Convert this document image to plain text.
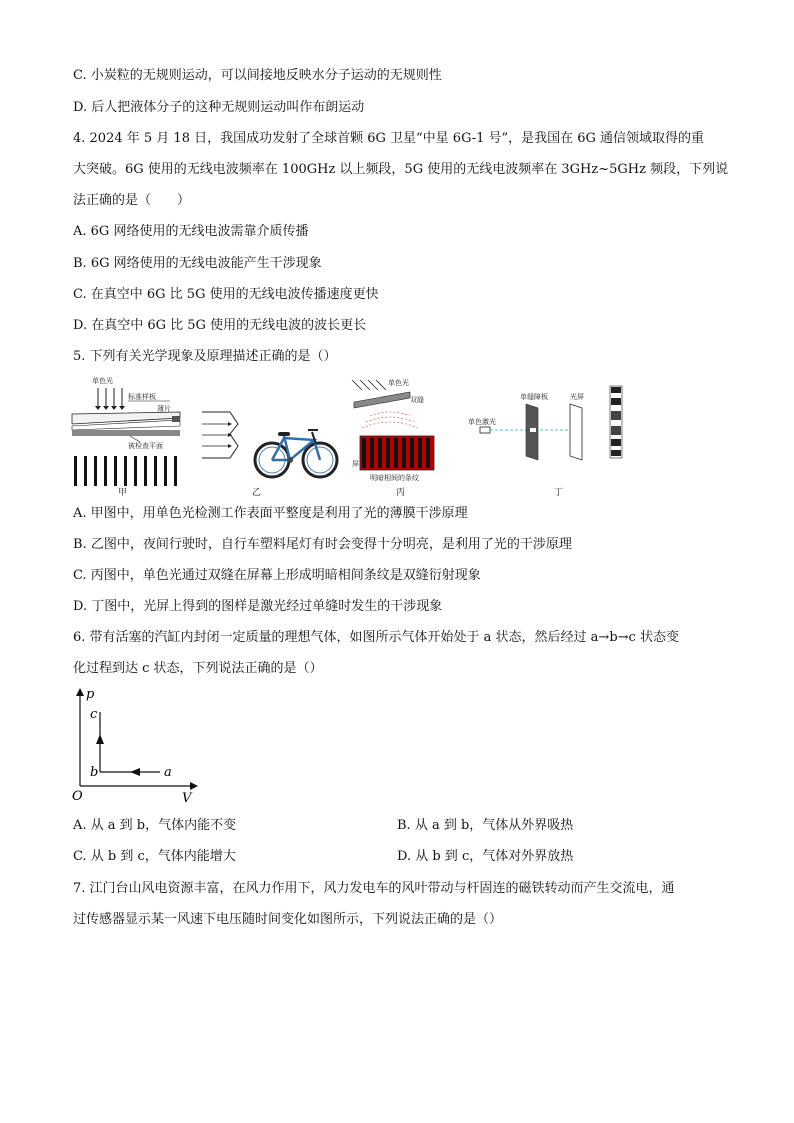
C. 小炭粒的无规则运动，可以间接地反映水分子运动的无规则性
D. 后人把液体分子的这种无规则运动叫作布朗运动
4. 2024 年 5 月 18 日，我国成功发射了全球首颗 6G 卫星“中星 6G-1 号”，是我国在 6G 通信领域取得的重
大突破。6G 使用的无线电波频率在 100GHz 以上频段，5G 使用的无线电波频率在 3GHz~5GHz 频段，下列说
法正确的是（　　）
A. 6G 网络使用的无线电波需靠介质传播
B. 6G 网络使用的无线电波能产生干涉现象
C. 在真空中 6G 比 5G 使用的无线电波传播速度更快
D. 在真空中 6G 比 5G 使用的无线电波的波长更长
5. 下列有关光学现象及原理描述正确的是（）
单色光
标准样板
薄片
被检查平面
甲	乙
单色光
双缝
屏
明暗相间的条纹
丙
单色激光
单缝障板	光屏
丁
A. 甲图中，用单色光检测工作表面平整度是利用了光的薄膜干涉原理
B. 乙图中，夜间行驶时，自行车塑料尾灯有时会变得十分明亮，是利用了光的干涉原理
C. 丙图中，单色光通过双缝在屏幕上形成明暗相间条纹是双缝衍射现象
D. 丁图中，光屏上得到的图样是激光经过单缝时发生的干涉现象
6. 带有活塞的汽缸内封闭一定质量的理想气体，如图所示气体开始处于 a 状态，然后经过 a→b→c 状态变
化过程到达 c 状态，下列说法正确的是（）
p
V
O
c
b	a
A. 从 a 到 b，气体内能不变	B. 从 a 到 b，气体从外界吸热
C. 从 b 到 c，气体内能增大	D. 从 b 到 c，气体对外界放热
7. 江门台山风电资源丰富，在风力作用下，风力发电车的风叶带动与杆固连的磁铁转动而产生交流电，通
过传感器显示某一风速下电压随时间变化如图所示，下列说法正确的是（）
